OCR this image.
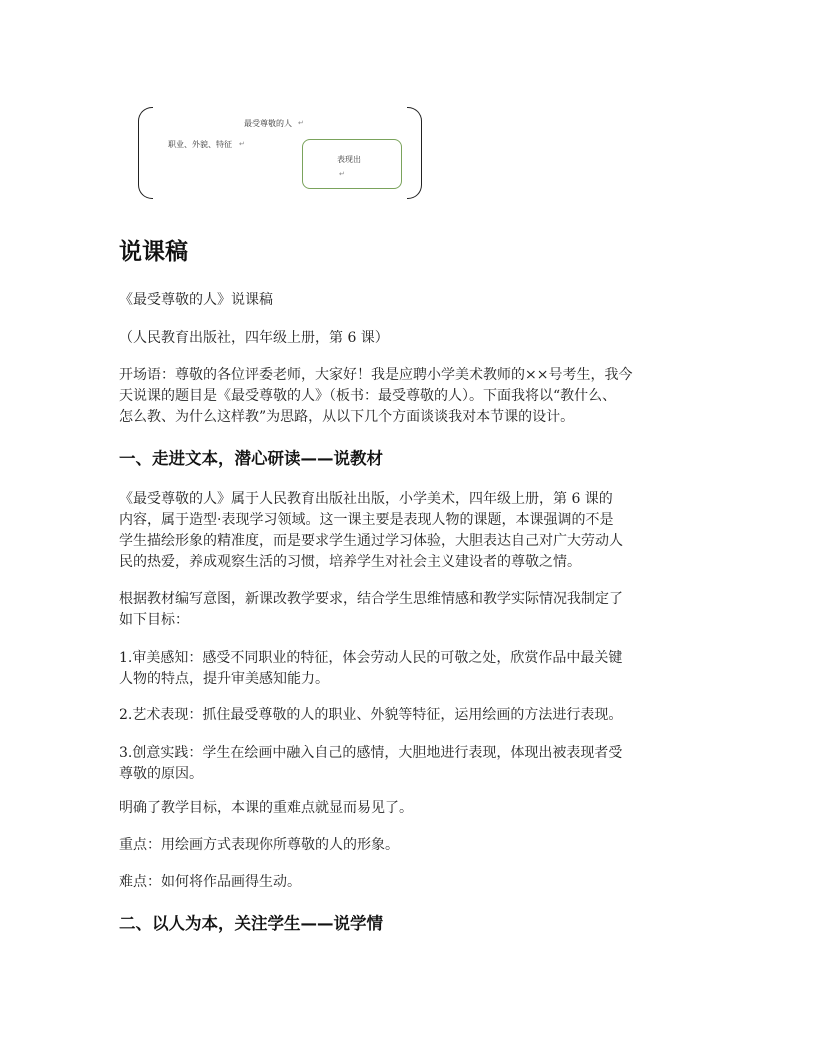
最受尊敬的人 ↵
职业、外貌、特征 ↵
表现出
↵
说课稿
《最受尊敬的人》说课稿
（人民教育出版社，四年级上册，第 6 课）
开场语：尊敬的各位评委老师，大家好！我是应聘小学美术教师的××号考生，我今
天说课的题目是《最受尊敬的人》（板书：最受尊敬的人）。下面我将以“教什么、
怎么教、为什么这样教”为思路，从以下几个方面谈谈我对本节课的设计。
一、走进文本，潜心研读——说教材
《最受尊敬的人》属于人民教育出版社出版，小学美术，四年级上册，第 6 课的
内容，属于造型·表现学习领域。这一课主要是表现人物的课题，本课强调的不是
学生描绘形象的精准度，而是要求学生通过学习体验，大胆表达自己对广大劳动人
民的热爱，养成观察生活的习惯，培养学生对社会主义建设者的尊敬之情。
根据教材编写意图，新课改教学要求，结合学生思维情感和教学实际情况我制定了
如下目标：
1.审美感知：感受不同职业的特征，体会劳动人民的可敬之处，欣赏作品中最关键
人物的特点，提升审美感知能力。
2.艺术表现：抓住最受尊敬的人的职业、外貌等特征，运用绘画的方法进行表现。
3.创意实践：学生在绘画中融入自己的感情，大胆地进行表现，体现出被表现者受
尊敬的原因。
明确了教学目标，本课的重难点就显而易见了。
重点：用绘画方式表现你所尊敬的人的形象。
难点：如何将作品画得生动。
二、以人为本，关注学生——说学情
